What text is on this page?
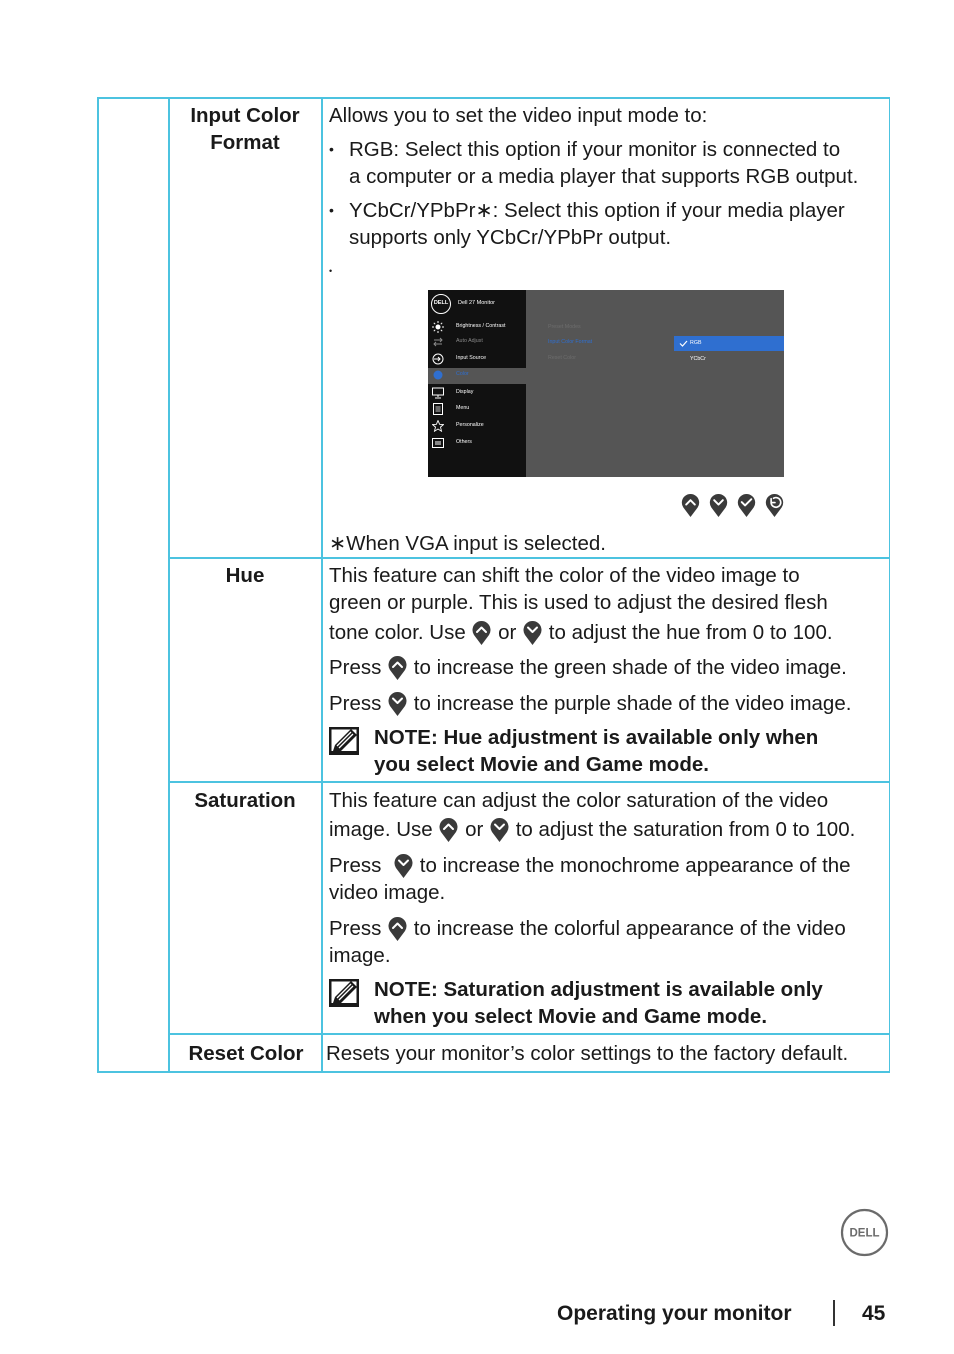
Input Color
Format
Allows you to set the video input mode to:
• RGB: Select this option if your monitor is connected to
a computer or a media player that supports RGB output.
• YCbCr/YPbPr∗: Select this option if your media player
supports only YCbCr/YPbPr output.
•
DELL	Dell 27 Monitor
Brightness / Contrast
Auto Adjust
Input Source
Color
Display
Menu
Personalize
Others
Preset Modes
Input Color Format
Reset Color
RGB
YCbCr
∗When VGA input is selected.
Hue	This feature can shift the color of the video image to
green or purple. This is used to adjust the desired flesh
tone color. Use
or
to adjust the hue from 0 to 100.
Press
to increase the green shade of the video image.
Press
to increase the purple shade of the video image.
NOTE: Hue adjustment is available only when
you select Movie and Game mode.
Saturation	This feature can adjust the color saturation of the video
image. Use
or
to adjust the saturation from 0 to 100.
Press
to increase the monochrome appearance of the
video image.
Press
to increase the colorful appearance of the video
image.
NOTE: Saturation adjustment is available only
when you select Movie and Game mode.
Reset Color	Resets your monitor’s color settings to the factory default.
DELL
Operating your monitor	45
